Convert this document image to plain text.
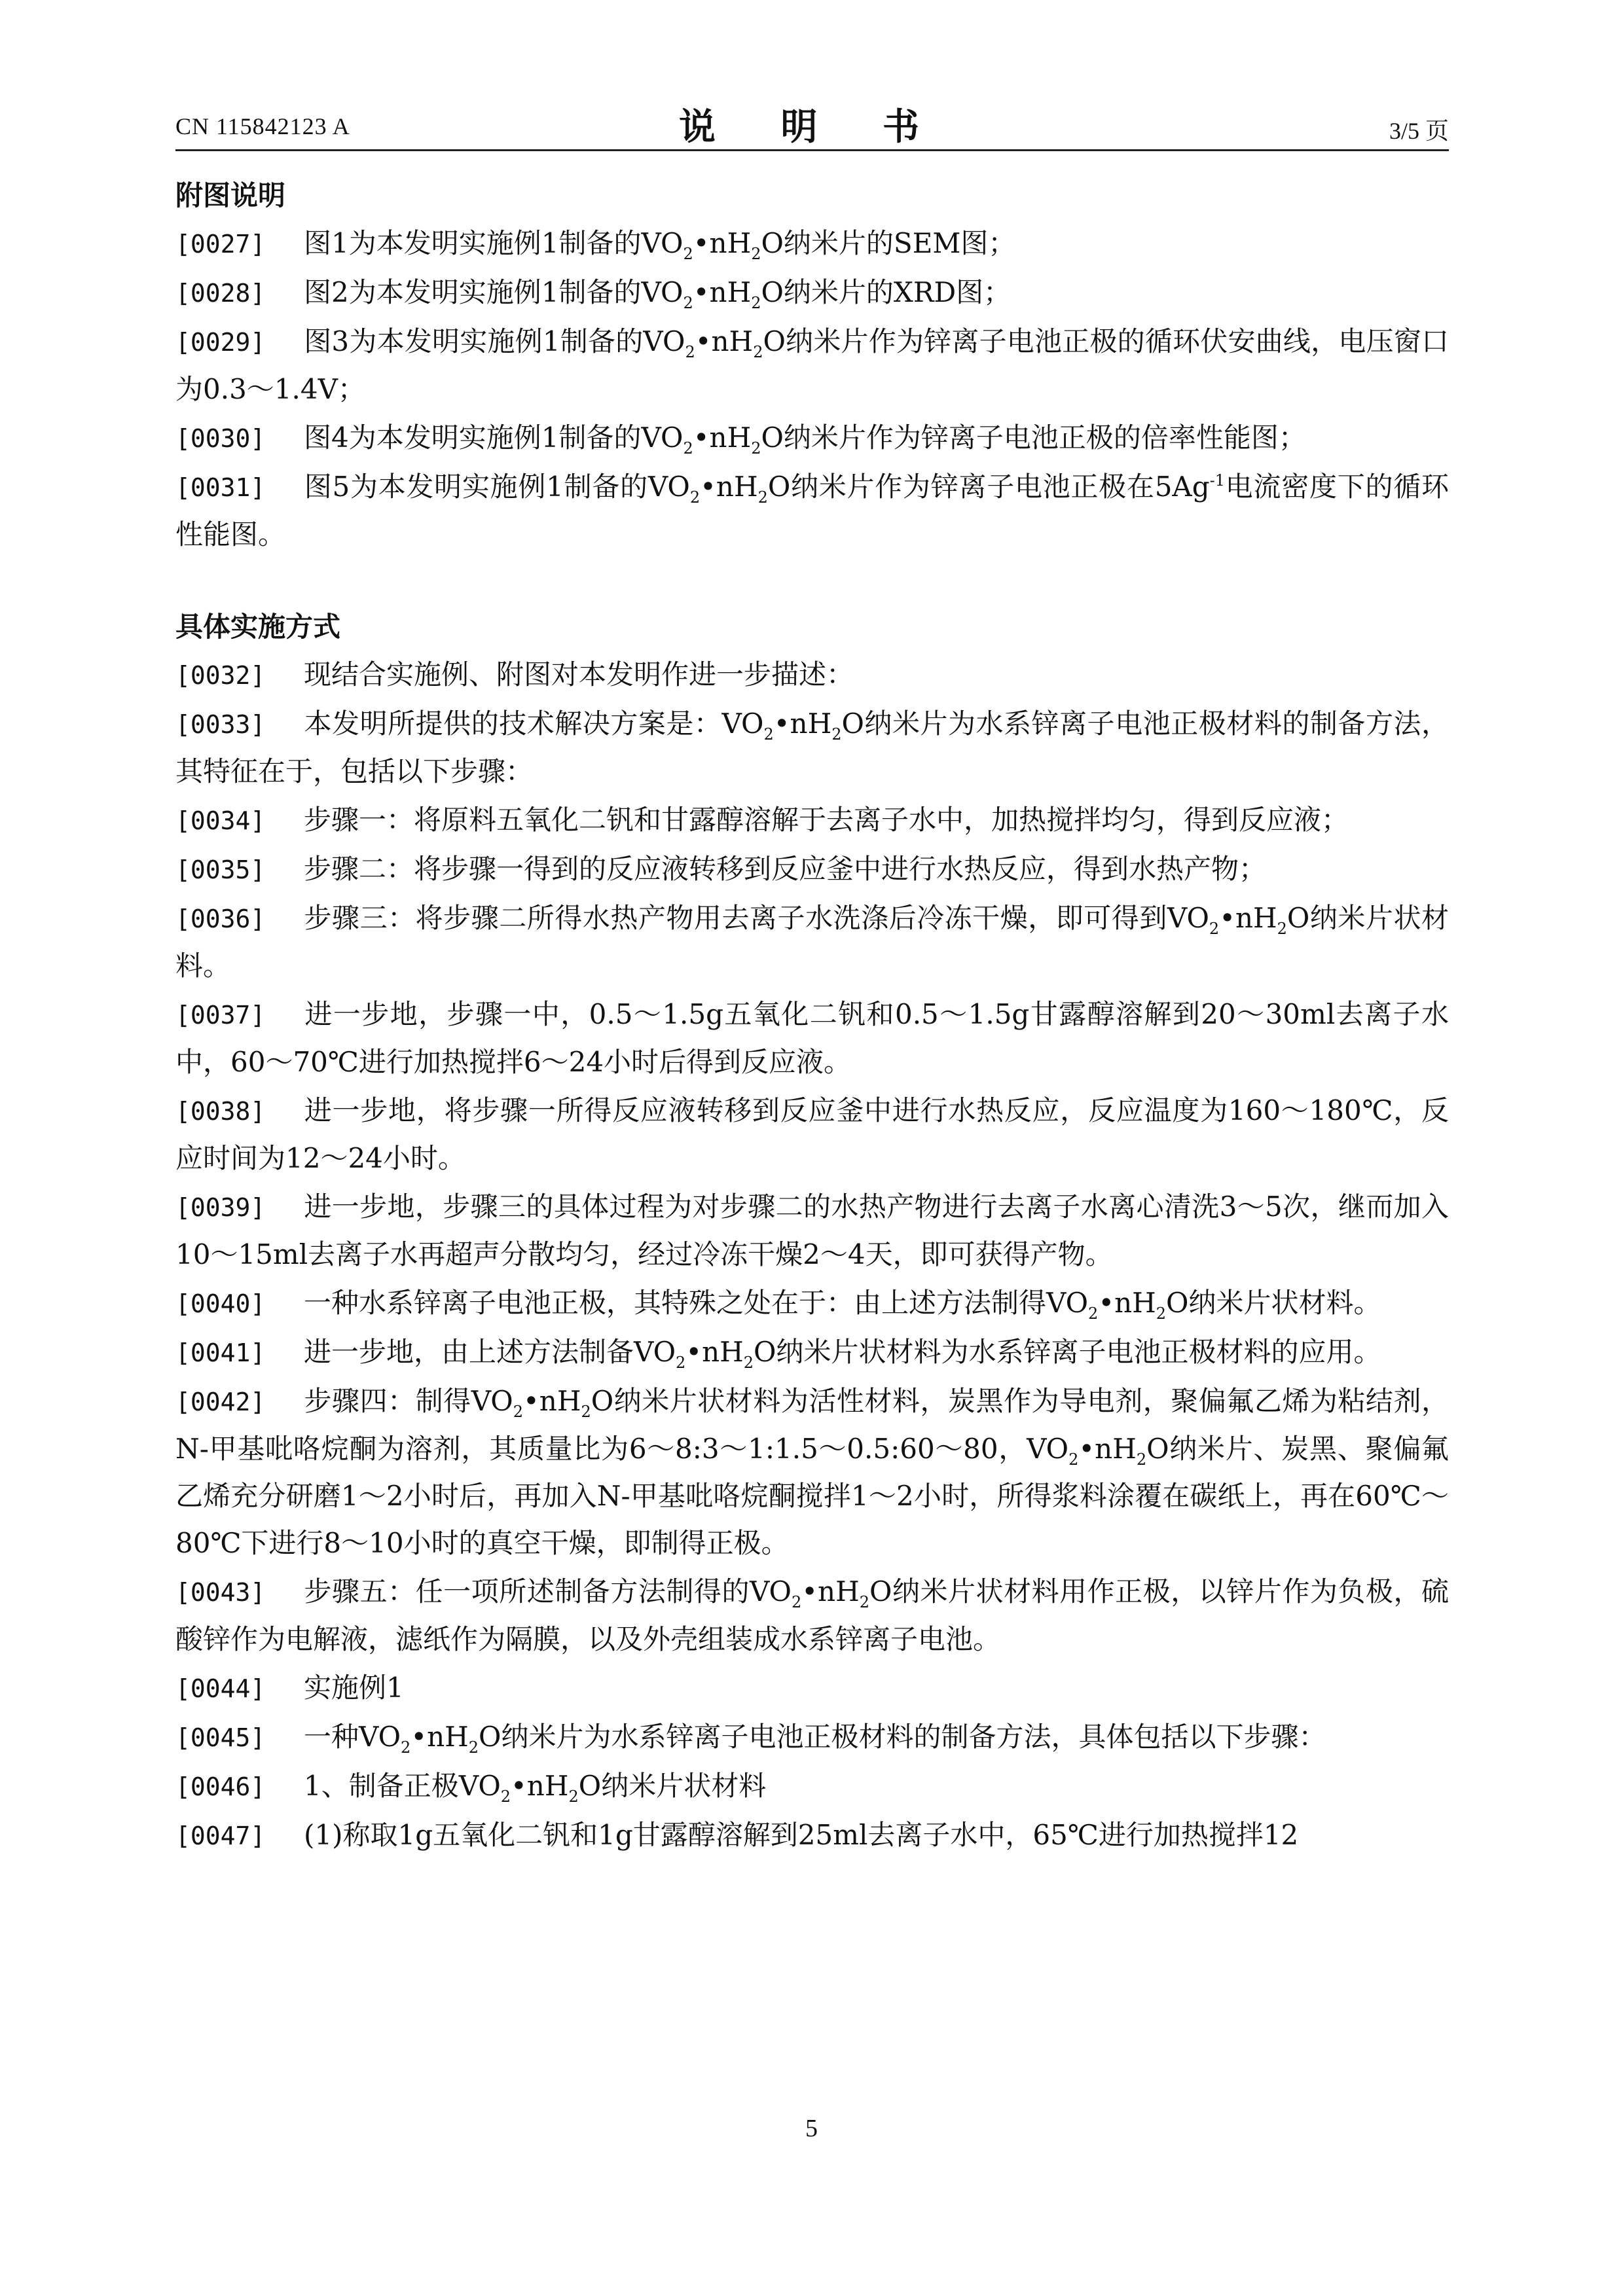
CN 115842123 A	说 明 书	3/5 页
附图说明
[0027] 图1为本发明实施例1制备的$VO_2•nH_2O$纳米片的SEM图；
[0028] 图2为本发明实施例1制备的$VO_2•nH_2O$纳米片的XRD图；
[0029] 图3为本发明实施例1制备的$VO_2•nH_2O$纳米片作为锌离子电池正极的循环伏安曲线，电压窗口为0.3～1.4V；
[0030] 图4为本发明实施例1制备的$VO_2•nH_2O$纳米片作为锌离子电池正极的倍率性能图；
[0031] 图5为本发明实施例1制备的$VO_2•nH_2O$纳米片作为锌离子电池正极在$5Ag^{-1}$电流密度下的循环性能图。
具体实施方式
[0032] 现结合实施例、附图对本发明作进一步描述：
[0033] 本发明所提供的技术解决方案是：$VO_2•nH_2O$纳米片为水系锌离子电池正极材料的制备方法，其特征在于，包括以下步骤：
[0034] 步骤一：将原料五氧化二钒和甘露醇溶解于去离子水中，加热搅拌均匀，得到反应液；
[0035] 步骤二：将步骤一得到的反应液转移到反应釜中进行水热反应，得到水热产物；
[0036] 步骤三：将步骤二所得水热产物用去离子水洗涤后冷冻干燥，即可得到$VO_2•nH_2O$纳米片状材料。
[0037] 进一步地，步骤一中，0.5～1.5g五氧化二钒和0.5～1.5g甘露醇溶解到20～30ml去离子水中，60～70℃进行加热搅拌6～24小时后得到反应液。
[0038] 进一步地，将步骤一所得反应液转移到反应釜中进行水热反应，反应温度为160～180℃，反应时间为12～24小时。
[0039] 进一步地，步骤三的具体过程为对步骤二的水热产物进行去离子水离心清洗3～5次，继而加入10～15ml去离子水再超声分散均匀，经过冷冻干燥2～4天，即可获得产物。
[0040] 一种水系锌离子电池正极，其特殊之处在于：由上述方法制得$VO_2•nH_2O$纳米片状材料。
[0041] 进一步地，由上述方法制备$VO_2•nH_2O$纳米片状材料为水系锌离子电池正极材料的应用。
[0042] 步骤四：制得$VO_2•nH_2O$纳米片状材料为活性材料，炭黑作为导电剂，聚偏氟乙烯为粘结剂，N-甲基吡咯烷酮为溶剂，其质量比为6～8:3～1:1.5～0.5:60～80，$VO_2•nH_2O$纳米片、炭黑、聚偏氟乙烯充分研磨1～2小时后，再加入N-甲基吡咯烷酮搅拌1～2小时，所得浆料涂覆在碳纸上，再在60℃～80℃下进行8～10小时的真空干燥，即制得正极。
[0043] 步骤五：任一项所述制备方法制得的$VO_2•nH_2O$纳米片状材料用作正极，以锌片作为负极，硫酸锌作为电解液，滤纸作为隔膜，以及外壳组装成水系锌离子电池。
[0044] 实施例1
[0045] 一种$VO_2•nH_2O$纳米片为水系锌离子电池正极材料的制备方法，具体包括以下步骤：
[0046] 1、制备正极$VO_2•nH_2O$纳米片状材料
[0047] (1)称取1g五氧化二钒和1g甘露醇溶解到25ml去离子水中，65℃进行加热搅拌12
5
